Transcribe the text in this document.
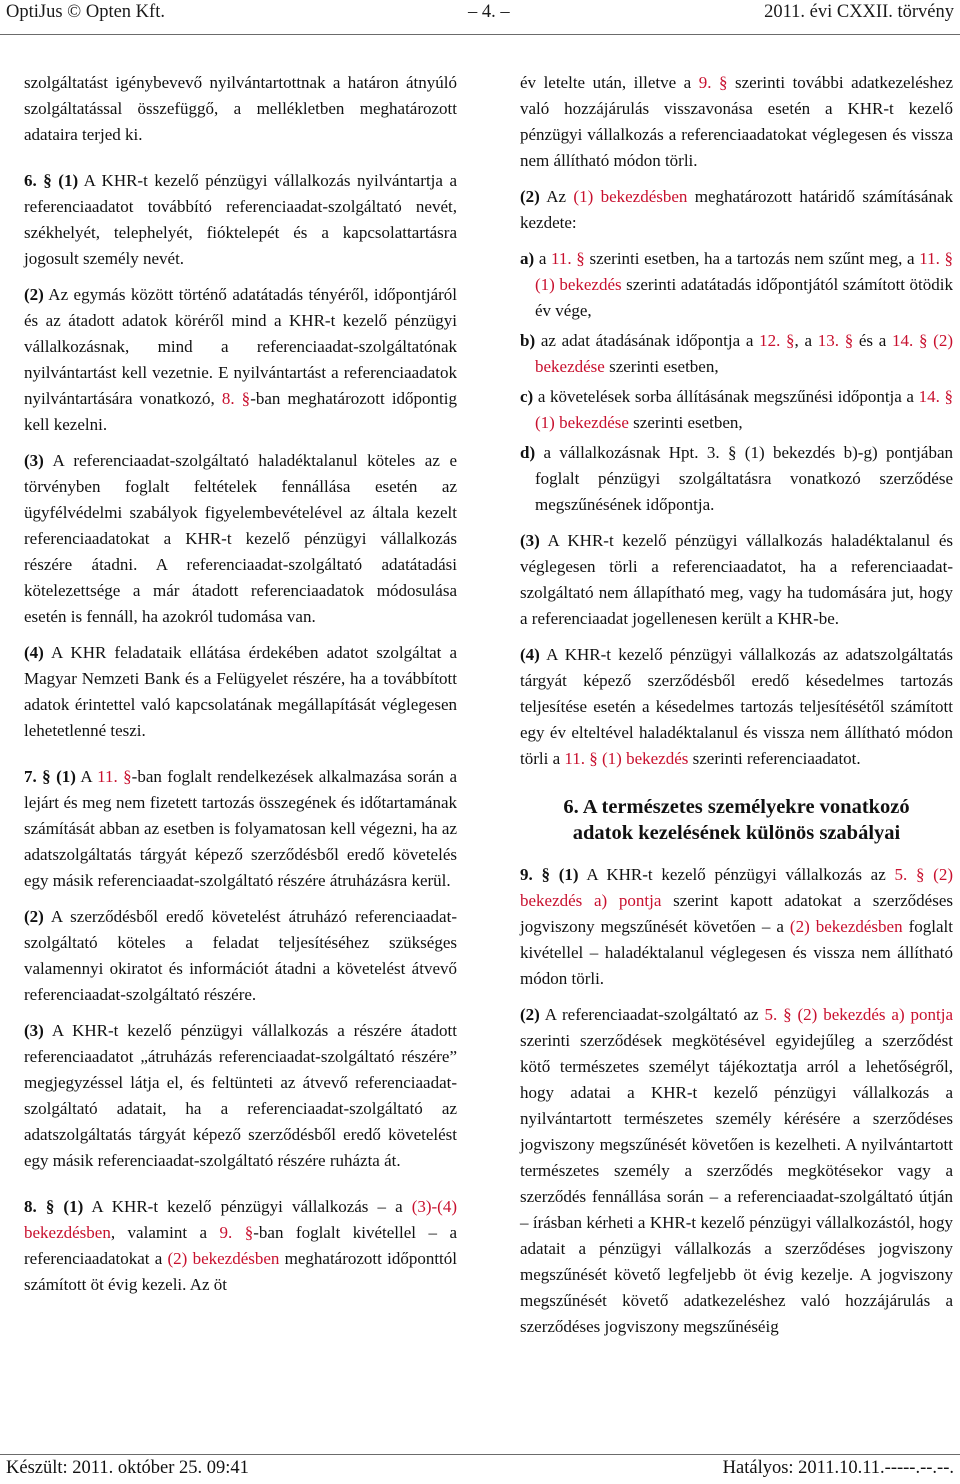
OptiJus © Opten Kft.	– 4. –	2011. évi CXXII. törvény

szolgáltatást igénybevevő nyilvántartottnak a határon átnyúló szolgáltatással összefüggő, a mellékletben meghatározott adataira terjed ki.

6. § (1) A KHR-t kezelő pénzügyi vállalkozás nyilvántartja a referenciaadatot továbbító referenciaadat-szolgáltató nevét, székhelyét, telephelyét, fióktelepét és a kapcsolattartásra jogosult személy nevét.

(2) Az egymás között történő adatátadás tényéről, időpontjáról és az átadott adatok köréről mind a KHR-t kezelő pénzügyi vállalkozásnak, mind a referenciaadat-szolgáltatónak nyilvántartást kell vezetnie. E nyilvántartást a referenciaadatok nyilvántartására vonatkozó, 8. §-ban meghatározott időpontig kell kezelni.

(3) A referenciaadat-szolgáltató haladéktalanul köteles az e törvényben foglalt feltételek fennállása esetén az ügyfélvédelmi szabályok figyelembevételével az általa kezelt referenciaadatokat a KHR-t kezelő pénzügyi vállalkozás részére átadni. A referenciaadat-szolgáltató adatátadási kötelezettsége a már átadott referenciaadatok módosulása esetén is fennáll, ha azokról tudomása van.

(4) A KHR feladataik ellátása érdekében adatot szolgáltat a Magyar Nemzeti Bank és a Felügyelet részére, ha a továbbított adatok érintettel való kapcsolatának megállapítását véglegesen lehetetlenné teszi.

7. § (1) A 11. §-ban foglalt rendelkezések alkalmazása során a lejárt és meg nem fizetett tartozás összegének és időtartamának számítását abban az esetben is folyamatosan kell végezni, ha az adatszolgáltatás tárgyát képező szerződésből eredő követelés egy másik referenciaadat-szolgáltató részére átruházásra kerül.

(2) A szerződésből eredő követelést átruházó referenciaadat-szolgáltató köteles a feladat teljesítéséhez szükséges valamennyi okiratot és információt átadni a követelést átvevő referenciaadat-szolgáltató részére.

(3) A KHR-t kezelő pénzügyi vállalkozás a részére átadott referenciaadatot „átruházás referenciaadat-szolgáltató részére” megjegyzéssel látja el, és feltünteti az átvevő referenciaadat-szolgáltató adatait, ha a referenciaadat-szolgáltató az adatszolgáltatás tárgyát képező szerződésből eredő követelést egy másik referenciaadat-szolgáltató részére ruházta át.

8. § (1) A KHR-t kezelő pénzügyi vállalkozás – a (3)-(4) bekezdésben, valamint a 9. §-ban foglalt kivétellel – a referenciaadatokat a (2) bekezdésben meghatározott időponttól számított öt évig kezeli. Az öt

év letelte után, illetve a 9. § szerinti további adatkezeléshez való hozzájárulás visszavonása esetén a KHR-t kezelő pénzügyi vállalkozás a referenciaadatokat véglegesen és vissza nem állítható módon törli.

(2) Az (1) bekezdésben meghatározott határidő számításának kezdete:

a) a 11. § szerinti esetben, ha a tartozás nem szűnt meg, a 11. § (1) bekezdés szerinti adatátadás időpontjától számított ötödik év vége,
b) az adat átadásának időpontja a 12. §, a 13. § és a 14. § (2) bekezdése szerinti esetben,
c) a követelések sorba állításának megszűnési időpontja a 14. § (1) bekezdése szerinti esetben,
d) a vállalkozásnak Hpt. 3. § (1) bekezdés b)-g) pontjában foglalt pénzügyi szolgáltatásra vonatkozó szerződése megszűnésének időpontja.

(3) A KHR-t kezelő pénzügyi vállalkozás haladéktalanul és véglegesen törli a referenciaadatot, ha a referenciaadat-szolgáltató nem állapítható meg, vagy ha tudomására jut, hogy a referenciaadat jogellenesen került a KHR-be.

(4) A KHR-t kezelő pénzügyi vállalkozás az adatszolgáltatás tárgyát képező szerződésből eredő késedelmes tartozás teljesítése esetén a késedelmes tartozás teljesítésétől számított egy év elteltével haladéktalanul és vissza nem állítható módon törli a 11. § (1) bekezdés szerinti referenciaadatot.

6. A természetes személyekre vonatkozó
adatok kezelésének különös szabályai

9. § (1) A KHR-t kezelő pénzügyi vállalkozás az 5. § (2) bekezdés a) pontja szerint kapott adatokat a szerződéses jogviszony megszűnését követően – a (2) bekezdésben foglalt kivétellel – haladéktalanul véglegesen és vissza nem állítható módon törli.

(2) A referenciaadat-szolgáltató az 5. § (2) bekezdés a) pontja szerinti szerződések megkötésével egyidejűleg a szerződést kötő természetes személyt tájékoztatja arról a lehetőségről, hogy adatai a KHR-t kezelő pénzügyi vállalkozás a nyilvántartott természetes személy kérésére a szerződéses jogviszony megszűnését követően is kezelheti. A nyilvántartott természetes személy a szerződés megkötésekor vagy a szerződés fennállása során – a referenciaadat-szolgáltató útján – írásban kérheti a KHR-t kezelő pénzügyi vállalkozástól, hogy adatait a pénzügyi vállalkozás a szerződéses jogviszony megszűnését követő legfeljebb öt évig kezelje. A jogviszony megszűnését követő adatkezeléshez való hozzájárulás a szerződéses jogviszony megszűnéséig

Készült: 2011. október 25. 09:41	Hatályos: 2011.10.11.-----.--.--.
